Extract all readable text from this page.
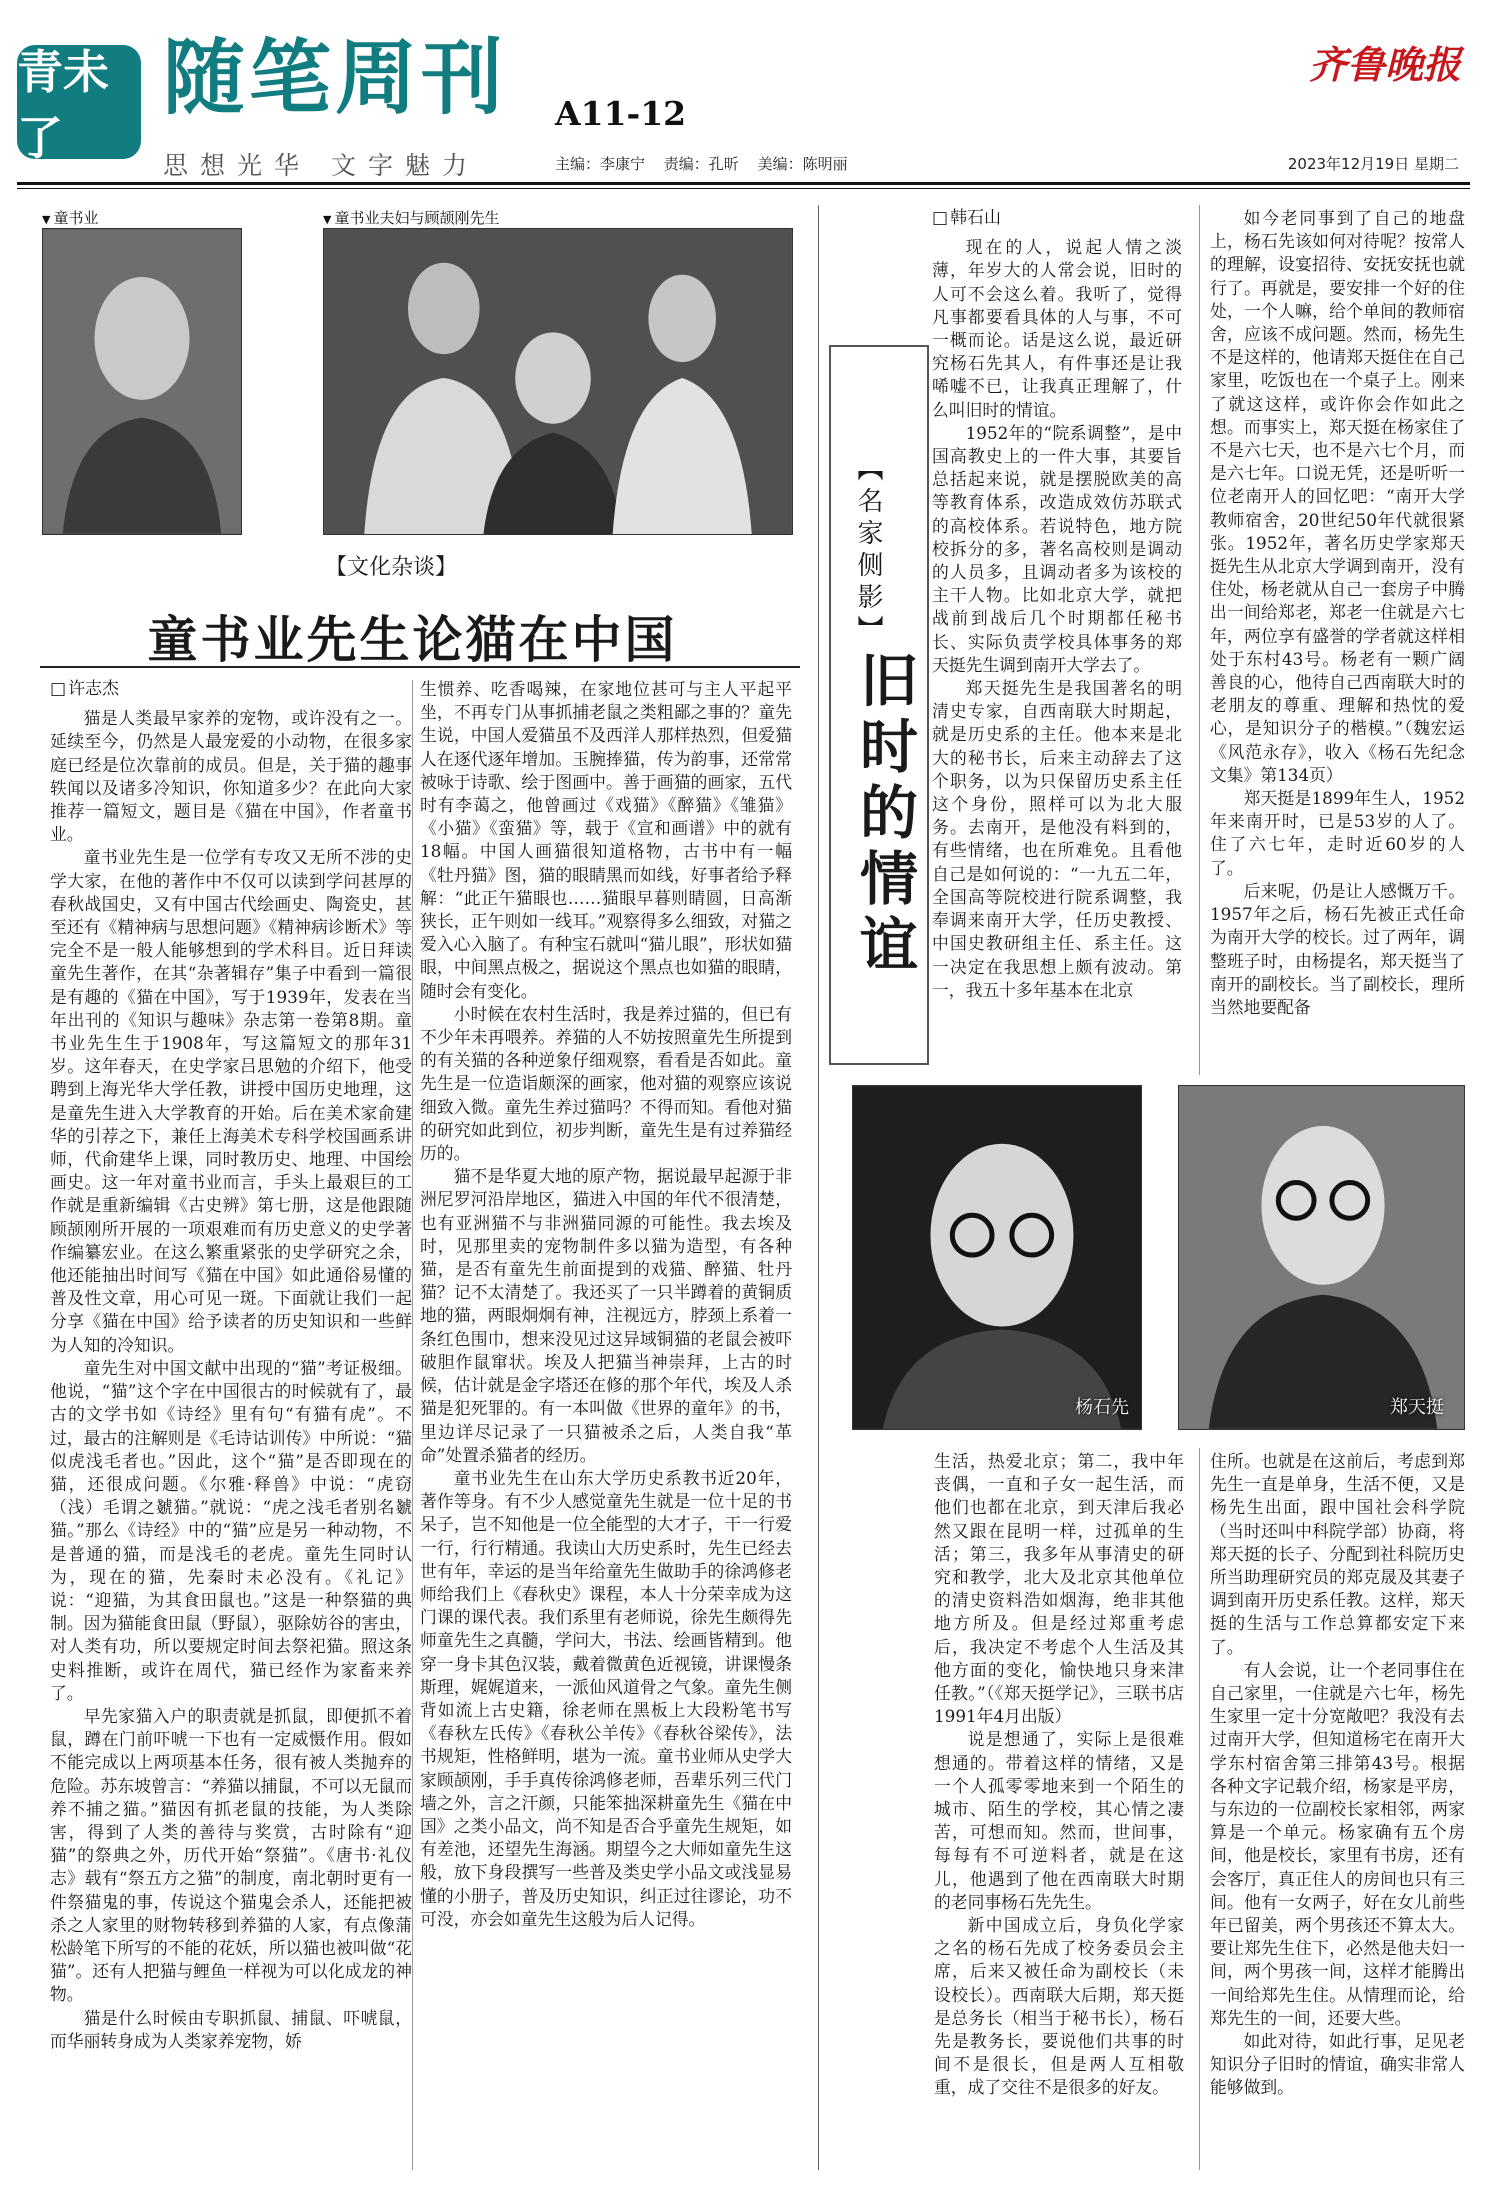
青未了
随笔周刊 A11-12
齐鲁晚报
思想光华 文字魅力	主编：李康宁 责编：孔昕 美编：陈明丽	2023年12月19日 星期二
▼ 童书业
▼	童书业夫妇与顾颉刚先生
【文化杂谈】
童书业先生论猫在中国
□ 许志杰

猫是人类最早家养的宠物，或许没有之一。延续至今，仍然是人最宠爱的小动物，在很多家庭已经是位次靠前的成员。但是，关于猫的趣事轶闻以及诸多冷知识，你知道多少？在此向大家推荐一篇短文，题目是《猫在中国》，作者童书业。

童书业先生是一位学有专攻又无所不涉的史学大家，在他的著作中不仅可以读到学问甚厚的春秋战国史，又有中国古代绘画史、陶瓷史，甚至还有《精神病与思想问题》《精神病诊断术》等完全不是一般人能够想到的学术科目。近日拜读童先生著作，在其“杂著辑存”集子中看到一篇很是有趣的《猫在中国》，写于1939年，发表在当年出刊的《知识与趣味》杂志第一卷第8期。童书业先生生于1908年，写这篇短文的那年31岁。这年春天，在史学家吕思勉的介绍下，他受聘到上海光华大学任教，讲授中国历史地理，这是童先生进入大学教育的开始。后在美术家俞建华的引荐之下，兼任上海美术专科学校国画系讲师，代俞建华上课，同时教历史、地理、中国绘画史。这一年对童书业而言，手头上最艰巨的工作就是重新编辑《古史辨》第七册，这是他跟随顾颉刚所开展的一项艰难而有历史意义的史学著作编纂宏业。在这么繁重紧张的史学研究之余，他还能抽出时间写《猫在中国》如此通俗易懂的普及性文章，用心可见一斑。下面就让我们一起分享《猫在中国》给予读者的历史知识和一些鲜为人知的冷知识。

童先生对中国文献中出现的“猫”考证极细。他说，“猫”这个字在中国很古的时候就有了，最古的文学书如《诗经》里有句“有猫有虎”。不过，最古的注解则是《毛诗诂训传》中所说：“猫似虎浅毛者也。”因此，这个“猫”是否即现在的猫，还很成问题。《尔雅·释兽》中说：“虎窃（浅）毛谓之虦猫。”就说：“虎之浅毛者别名虦猫。”那么《诗经》中的“猫”应是另一种动物，不是普通的猫，而是浅毛的老虎。童先生同时认为，现在的猫，先秦时未必没有。《礼记》说：“迎猫，为其食田鼠也。”这是一种祭猫的典制。因为猫能食田鼠（野鼠），驱除妨谷的害虫，对人类有功，所以要规定时间去祭祀猫。照这条史料推断，或许在周代，猫已经作为家畜来养了。

早先家猫入户的职责就是抓鼠，即便抓不着鼠，蹲在门前吓唬一下也有一定威慑作用。假如不能完成以上两项基本任务，很有被人类抛弃的危险。苏东坡曾言：“养猫以捕鼠，不可以无鼠而养不捕之猫。”猫因有抓老鼠的技能，为人类除害，得到了人类的善待与奖赏，古时除有“迎猫”的祭典之外，历代开始“祭猫”。《唐书·礼仪志》载有“祭五方之猫”的制度，南北朝时更有一件祭猫鬼的事，传说这个猫鬼会杀人，还能把被杀之人家里的财物转移到养猫的人家，有点像蒲松龄笔下所写的不能的花妖，所以猫也被叫做“花猫”。还有人把猫与鲤鱼一样视为可以化成龙的神物。

猫是什么时候由专职抓鼠、捕鼠、吓唬鼠，而华丽转身成为人类家养宠物，娇

生惯养、吃香喝辣，在家地位甚可与主人平起平坐，不再专门从事抓捕老鼠之类粗鄙之事的？童先生说，中国人爱猫虽不及西洋人那样热烈，但爱猫人在逐代逐年增加。玉腕捧猫，传为韵事，还常常被咏于诗歌、绘于图画中。善于画猫的画家，五代时有李蔼之，他曾画过《戏猫》《醉猫》《雏猫》《小猫》《蛮猫》等，载于《宣和画谱》中的就有18幅。中国人画猫很知道格物，古书中有一幅《牡丹猫》图，猫的眼睛黑而如线，好事者给予释解：“此正午猫眼也……猫眼早暮则睛圆，日高渐狭长，正午则如一线耳。”观察得多么细致，对猫之爱入心入脑了。有种宝石就叫“猫儿眼”，形状如猫眼，中间黑点极之，据说这个黑点也如猫的眼睛，随时会有变化。

小时候在农村生活时，我是养过猫的，但已有不少年未再喂养。养猫的人不妨按照童先生所提到的有关猫的各种逆象仔细观察，看看是否如此。童先生是一位造诣颇深的画家，他对猫的观察应该说细致入微。童先生养过猫吗？不得而知。看他对猫的研究如此到位，初步判断，童先生是有过养猫经历的。

猫不是华夏大地的原产物，据说最早起源于非洲尼罗河沿岸地区，猫进入中国的年代不很清楚，也有亚洲猫不与非洲猫同源的可能性。我去埃及时，见那里卖的宠物制件多以猫为造型，有各种猫，是否有童先生前面提到的戏猫、醉猫、牡丹猫？记不太清楚了。我还买了一只半蹲着的黄铜质地的猫，两眼炯炯有神，注视远方，脖颈上系着一条红色围巾，想来没见过这异域铜猫的老鼠会被吓破胆作鼠窜状。埃及人把猫当神崇拜，上古的时候，估计就是金字塔还在修的那个年代，埃及人杀猫是犯死罪的。有一本叫做《世界的童年》的书，里边详尽记录了一只猫被杀之后，人类自我“革命”处置杀猫者的经历。

童书业先生在山东大学历史系教书近20年，著作等身。有不少人感觉童先生就是一位十足的书呆子，岂不知他是一位全能型的大才子，干一行爱一行，行行精通。我读山大历史系时，先生已经去世有年，幸运的是当年给童先生做助手的徐鸿修老师给我们上《春秋史》课程，本人十分荣幸成为这门课的课代表。我们系里有老师说，徐先生颇得先师童先生之真髓，学问大，书法、绘画皆精到。他穿一身卡其色汉装，戴着微黄色近视镜，讲课慢条斯理，娓娓道来，一派仙风道骨之气象。童先生侧背如流上古史籍，徐老师在黑板上大段粉笔书写《春秋左氏传》《春秋公羊传》《春秋谷梁传》，法书规矩，性格鲜明，堪为一流。童书业师从史学大家顾颉刚，手手真传徐鸿修老师，吾辈乐列三代门墙之外，言之汗颜，只能笨拙深耕童先生《猫在中国》之类小品文，尚不知是否合乎童先生规矩，如有差池，还望先生海涵。期望今之大师如童先生这般，放下身段撰写一些普及类史学小品文或浅显易懂的小册子，普及历史知识，纠正过往谬论，功不可没，亦会如童先生这般为后人记得。

【名家侧影】
旧时的情谊
□ 韩石山

现在的人，说起人情之淡薄，年岁大的人常会说，旧时的人可不会这么着。我听了，觉得凡事都要看具体的人与事，不可一概而论。话是这么说，最近研究杨石先其人，有件事还是让我唏嘘不已，让我真正理解了，什么叫旧时的情谊。

1952年的“院系调整”，是中国高教史上的一件大事，其要旨总括起来说，就是摆脱欧美的高等教育体系，改造成效仿苏联式的高校体系。若说特色，地方院校拆分的多，著名高校则是调动的人员多，且调动者多为该校的主干人物。比如北京大学，就把战前到战后几个时期都任秘书长、实际负责学校具体事务的郑天挺先生调到南开大学去了。

郑天挺先生是我国著名的明清史专家，自西南联大时期起，就是历史系的主任。他本来是北大的秘书长，后来主动辞去了这个职务，以为只保留历史系主任这个身份，照样可以为北大服务。去南开，是他没有料到的，有些情绪，也在所难免。且看他自己是如何说的：“一九五二年，全国高等院校进行院系调整，我奉调来南开大学，任历史教授、中国史教研组主任、系主任。这一决定在我思想上颇有波动。第一，我五十多年基本在北京

如今老同事到了自己的地盘上，杨石先该如何对待呢？按常人的理解，设宴招待、安抚安抚也就行了。再就是，要安排一个好的住处，一个人嘛，给个单间的教师宿舍，应该不成问题。然而，杨先生不是这样的，他请郑天挺住在自己家里，吃饭也在一个桌子上。刚来了就这这样，或许你会作如此之想。而事实上，郑天挺在杨家住了不是六七天，也不是六七个月，而是六七年。口说无凭，还是听听一位老南开人的回忆吧：“南开大学教师宿舍，20世纪50年代就很紧张。1952年，著名历史学家郑天挺先生从北京大学调到南开，没有住处，杨老就从自己一套房子中腾出一间给郑老，郑老一住就是六七年，两位享有盛誉的学者就这样相处于东村43号。杨老有一颗广阔善良的心，他待自己西南联大时的老朋友的尊重、理解和热忱的爱心，是知识分子的楷模。”（魏宏运《风范永存》，收入《杨石先纪念文集》第134页）

郑天挺是1899年生人，1952年来南开时，已是53岁的人了。住了六七年，走时近60岁的人了。

后来呢，仍是让人感慨万千。1957年之后，杨石先被正式任命为南开大学的校长。过了两年，调整班子时，由杨提名，郑天挺当了南开的副校长。当了副校长，理所当然地要配备

杨石先	郑天挺

生活，热爱北京；第二，我中年丧偶，一直和子女一起生活，而他们也都在北京，到天津后我必然又跟在昆明一样，过孤单的生活；第三，我多年从事清史的研究和教学，北大及北京其他单位的清史资料浩如烟海，绝非其他地方所及。但是经过郑重考虑后，我决定不考虑个人生活及其他方面的变化，愉快地只身来津任教。”（《郑天挺学记》，三联书店1991年4月出版）

说是想通了，实际上是很难想通的。带着这样的情绪，又是一个人孤零零地来到一个陌生的城市、陌生的学校，其心情之凄苦，可想而知。然而，世间事，每每有不可逆料者，就是在这儿，他遇到了他在西南联大时期的老同事杨石先先生。

新中国成立后，身负化学家之名的杨石先成了校务委员会主席，后来又被任命为副校长（未设校长）。西南联大后期，郑天挺是总务长（相当于秘书长），杨石先是教务长，要说他们共事的时间不是很长，但是两人互相敬重，成了交往不是很多的好友。

住所。也就是在这前后，考虑到郑先生一直是单身，生活不便，又是杨先生出面，跟中国社会科学院（当时还叫中科院学部）协商，将郑天挺的长子、分配到社科院历史所当助理研究员的郑克晟及其妻子调到南开历史系任教。这样，郑天挺的生活与工作总算都安定下来了。

有人会说，让一个老同事住在自己家里，一住就是六七年，杨先生家里一定十分宽敞吧？我没有去过南开大学，但知道杨宅在南开大学东村宿舍第三排第43号。根据各种文字记载介绍，杨家是平房，与东边的一位副校长家相邻，两家算是一个单元。杨家确有五个房间，他是校长，家里有书房，还有会客厅，真正住人的房间也只有三间。他有一女两子，好在女儿前些年已留美，两个男孩还不算太大。要让郑先生住下，必然是他夫妇一间，两个男孩一间，这样才能腾出一间给郑先生住。从情理而论，给郑先生的一间，还要大些。

如此对待，如此行事，足见老知识分子旧时的情谊，确实非常人能够做到。
